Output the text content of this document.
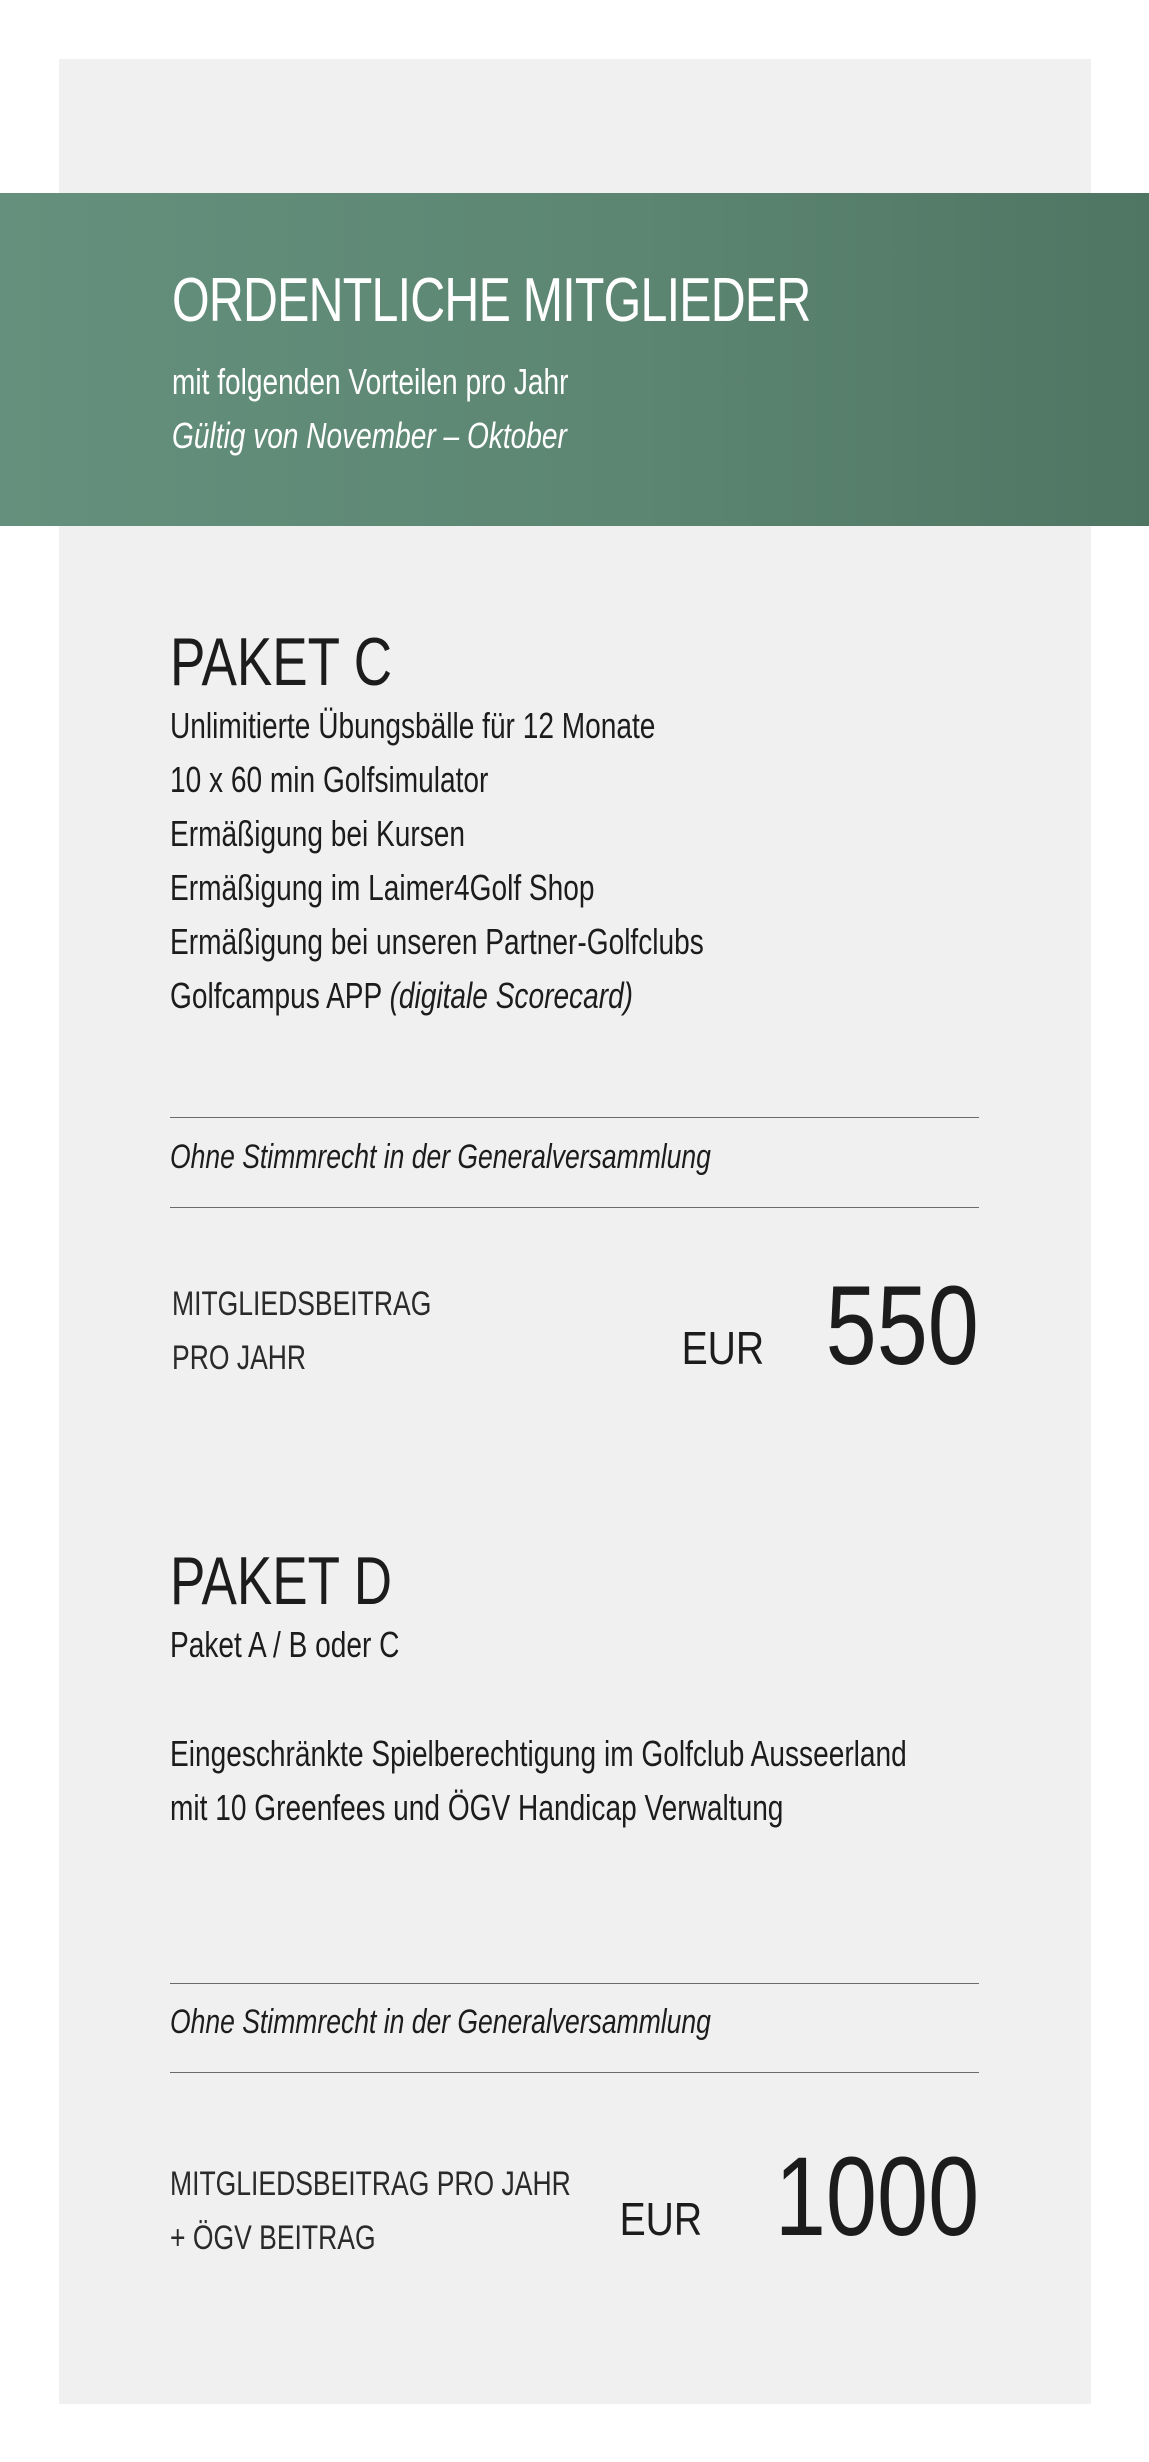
ORDENTLICHE MITGLIEDER
mit folgenden Vorteilen pro Jahr
Gültig von November – Oktober
PAKET C
Unlimitierte Übungsbälle für 12 Monate
10 x 60 min Golfsimulator
Ermäßigung bei Kursen
Ermäßigung im Laimer4Golf Shop
Ermäßigung bei unseren Partner-Golfclubs
Golfcampus APP (digitale Scorecard)
Ohne Stimmrecht in der Generalversammlung
MITGLIEDSBEITRAG
PRO JAHR	EUR 550
PAKET D
Paket A / B oder C
Eingeschränkte Spielberechtigung im Golfclub Ausseerland
mit 10 Greenfees und ÖGV Handicap Verwaltung
Ohne Stimmrecht in der Generalversammlung
MITGLIEDSBEITRAG PRO JAHR
+ ÖGV BEITRAG	EUR 1000
